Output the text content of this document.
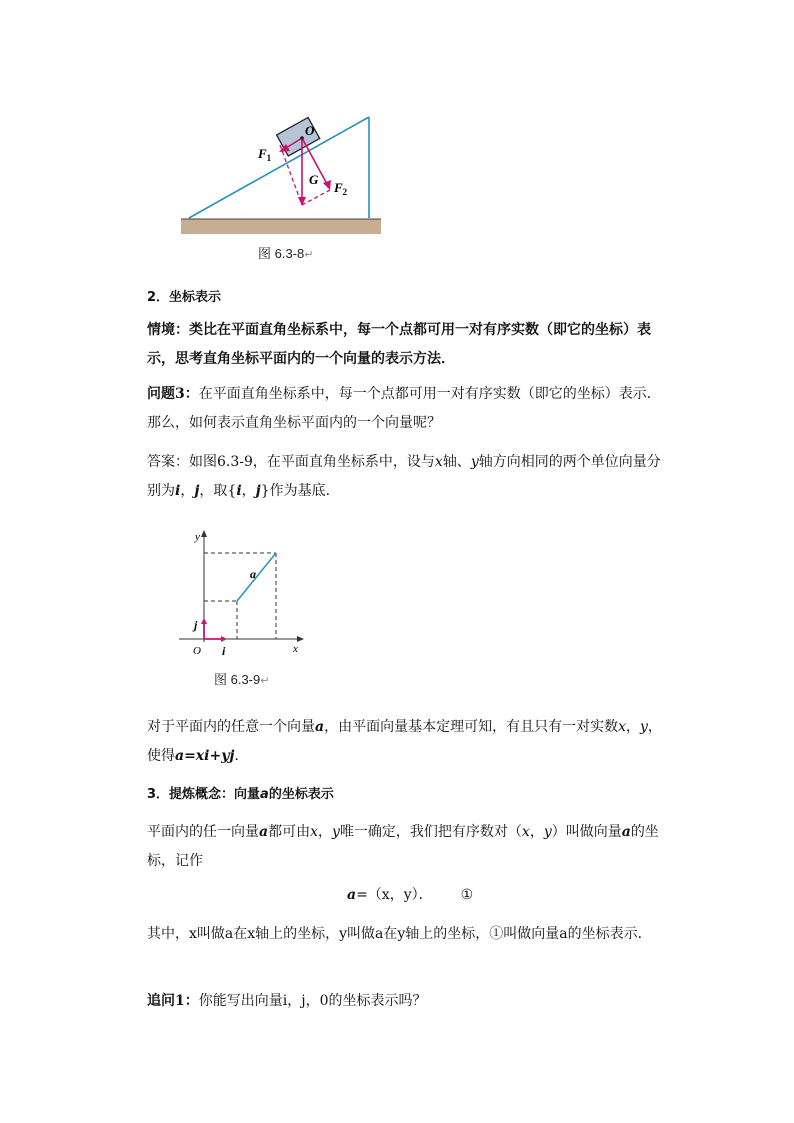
O
$F_1$
G
$F_2$
图 6.3-8↵
2．坐标表示
情境：类比在平面直角坐标系中，每一个点都可用一对有序实数（即它的坐标）表示，思考直角坐标平面内的一个向量的表示方法．
问题3：在平面直角坐标系中，每一个点都可用一对有序实数（即它的坐标）表示．那么，如何表示直角坐标平面内的一个向量呢？
答案：如图6.3-9，在平面直角坐标系中，设与x轴、y轴方向相同的两个单位向量分别为i，j，取{i，j}作为基底．
y
x
O
a
i
j
图 6.3-9↵
对于平面内的任意一个向量a，由平面向量基本定理可知，有且只有一对实数x，y，使得a=xi+yj.
3．提炼概念：向量a的坐标表示
平面内的任一向量a都可由x，y唯一确定，我们把有序数对（x，y）叫做向量a的坐标，记作
a=（x，y）． ①
其中，x叫做a在x轴上的坐标，y叫做a在y轴上的坐标，①叫做向量a的坐标表示．
追问1：你能写出向量i，j，0的坐标表示吗？
